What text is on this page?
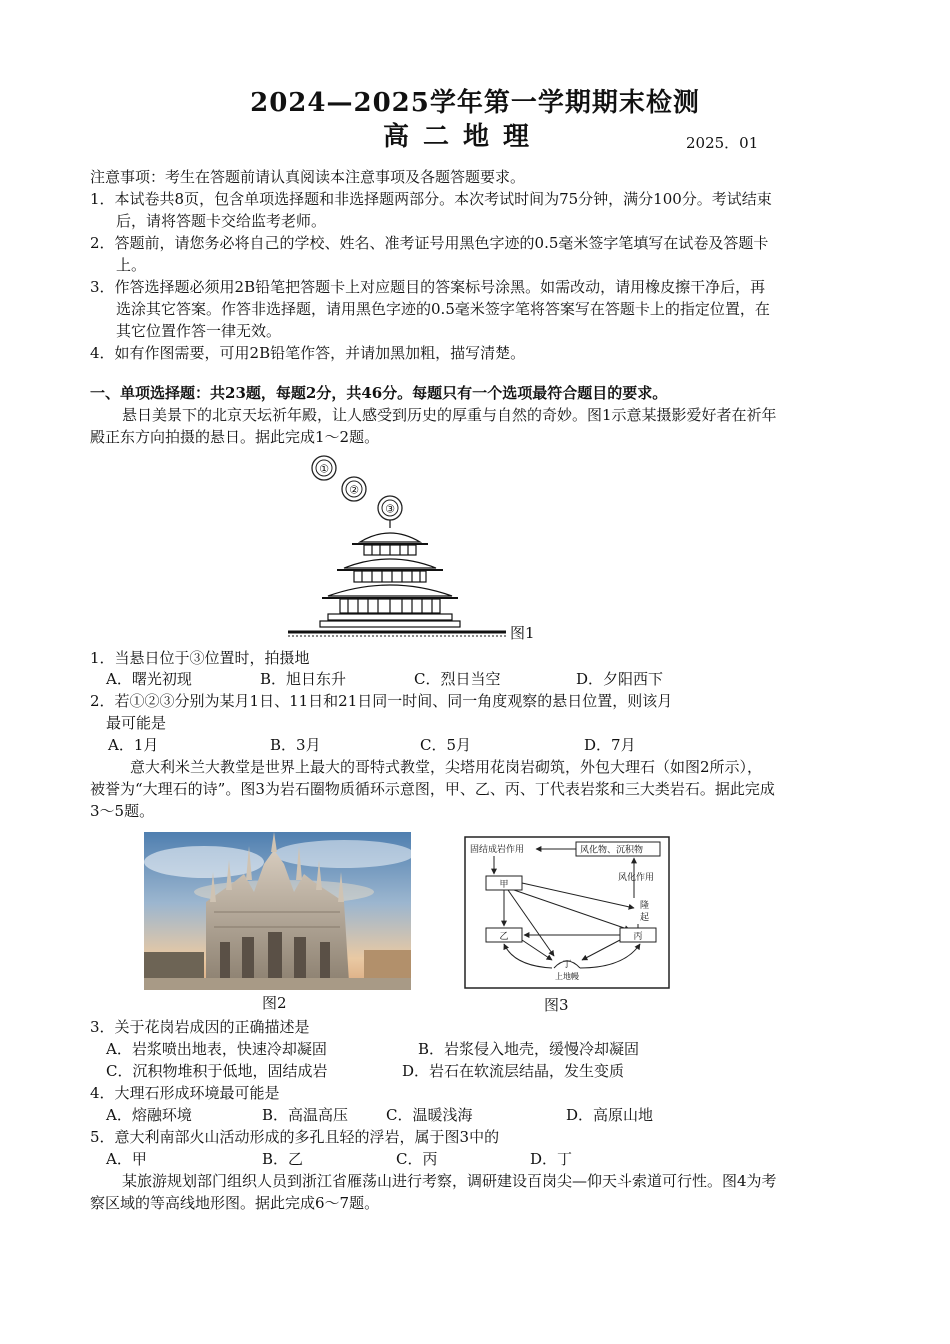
2024—2025学年第一学期期末检测
高二地理	2025．01
注意事项：考生在答题前请认真阅读本注意事项及各题答题要求。
1．本试卷共8页，包含单项选择题和非选择题两部分。本次考试时间为75分钟，满分100分。考试结束
后，请将答题卡交给监考老师。
2．答题前，请您务必将自己的学校、姓名、准考证号用黑色字迹的0.5毫米签字笔填写在试卷及答题卡
上。
3．作答选择题必须用2B铅笔把答题卡上对应题目的答案标号涂黑。如需改动，请用橡皮擦干净后，再
选涂其它答案。作答非选择题，请用黑色字迹的0.5毫米签字笔将答案写在答题卡上的指定位置，在
其它位置作答一律无效。
4．如有作图需要，可用2B铅笔作答，并请加黑加粗，描写清楚。
一、单项选择题：共23题，每题2分，共46分。每题只有一个选项最符合题目的要求。
悬日美景下的北京天坛祈年殿，让人感受到历史的厚重与自然的奇妙。图1示意某摄影爱好者在祈年
殿正东方向拍摄的悬日。据此完成1～2题。
①
②
③
图1
1．当悬日位于③位置时，拍摄地
A．曙光初现	B．旭日东升	C．烈日当空	D．夕阳西下
2．若①②③分别为某月1日、11日和21日同一时间、同一角度观察的悬日位置，则该月
最可能是
A．1月	B．3月	C．5月	D．7月
意大利米兰大教堂是世界上最大的哥特式教堂，尖塔用花岗岩砌筑，外包大理石（如图2所示），
被誉为“大理石的诗”。图3为岩石圈物质循环示意图，甲、乙、丙、丁代表岩浆和三大类岩石。据此完成
3～5题。
图2
固结成岩作用	风化物、沉积物
风化作用
甲
隆
起
乙	丙
丁
上地幔
图3
3．关于花岗岩成因的正确描述是
A．岩浆喷出地表，快速冷却凝固	B．岩浆侵入地壳，缓慢冷却凝固
C．沉积物堆积于低地，固结成岩	D．岩石在软流层结晶，发生变质
4．大理石形成环境最可能是
A．熔融环境	B．高温高压	C．温暖浅海	D．高原山地
5．意大利南部火山活动形成的多孔且轻的浮岩，属于图3中的
A．甲	B．乙	C．丙	D．丁
某旅游规划部门组织人员到浙江省雁荡山进行考察，调研建设百岗尖—仰天斗索道可行性。图4为考
察区域的等高线地形图。据此完成6～7题。
